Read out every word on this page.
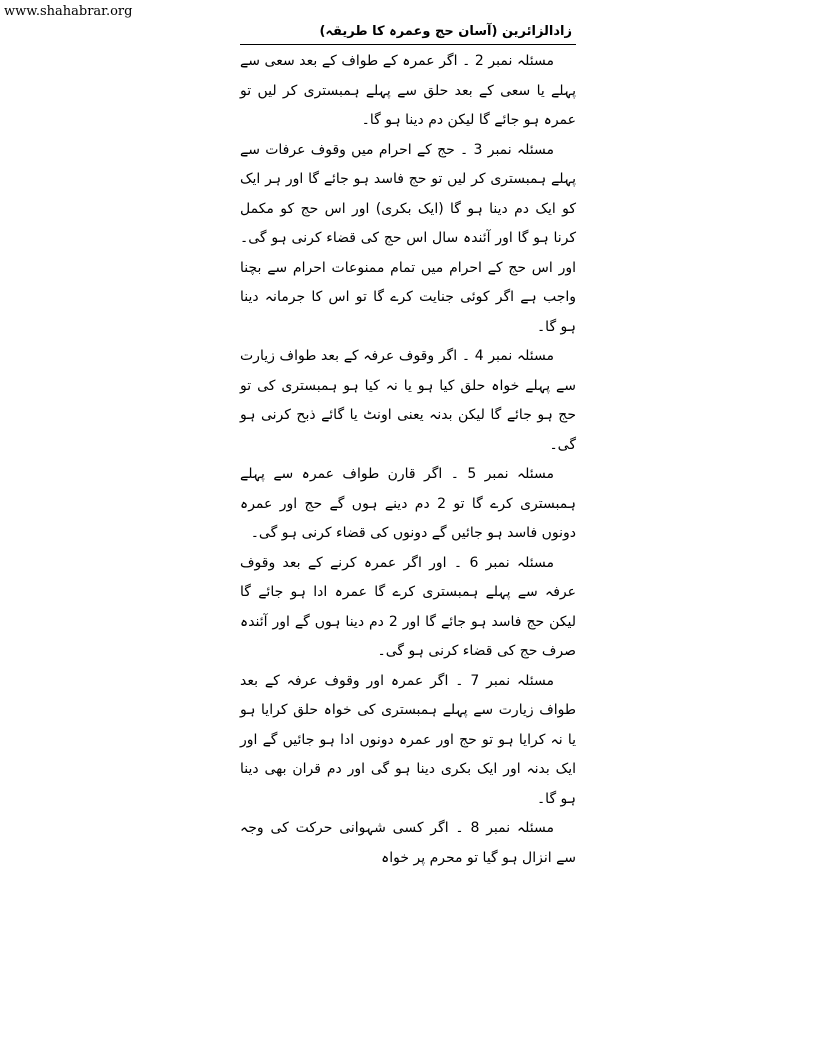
www.shahabrar.org
زادالزائرین (آسان حج وعمرہ کا طریقہ)

مسئلہ نمبر 2 ۔ اگر عمرہ کے طواف کے بعد سعی سے پہلے یا سعی کے بعد حلق سے پہلے ہمبستری کر لیں تو عمرہ ہو جائے گا لیکن دم دینا ہو گا۔

مسئلہ نمبر 3 ۔ حج کے احرام میں وقوف عرفات سے پہلے ہمبستری کر لیں تو حج فاسد ہو جائے گا اور ہر ایک کو ایک دم دینا ہو گا (ایک بکری) اور اس حج کو مکمل کرنا ہو گا اور آئندہ سال اس حج کی قضاء کرنی ہو گی۔ اور اس حج کے احرام میں تمام ممنوعات احرام سے بچنا واجب ہے اگر کوئی جنایت کرے گا تو اس کا جرمانہ دینا ہو گا۔

مسئلہ نمبر 4 ۔ اگر وقوف عرفہ کے بعد طواف زیارت سے پہلے خواہ حلق کیا ہو یا نہ کیا ہو ہمبستری کی تو حج ہو جائے گا لیکن بدنہ یعنی اونٹ یا گائے ذبح کرنی ہو گی۔

مسئلہ نمبر 5 ۔ اگر قارن طواف عمرہ سے پہلے ہمبستری کرے گا تو 2 دم دینے ہوں گے حج اور عمرہ دونوں فاسد ہو جائیں گے دونوں کی قضاء کرنی ہو گی۔

مسئلہ نمبر 6 ۔ اور اگر عمرہ کرنے کے بعد وقوف عرفہ سے پہلے ہمبستری کرے گا عمرہ ادا ہو جائے گا لیکن حج فاسد ہو جائے گا اور 2 دم دینا ہوں گے اور آئندہ صرف حج کی قضاء کرنی ہو گی۔

مسئلہ نمبر 7 ۔ اگر عمرہ اور وقوف عرفہ کے بعد طواف زیارت سے پہلے ہمبستری کی خواہ حلق کرایا ہو یا نہ کرایا ہو تو حج اور عمرہ دونوں ادا ہو جائیں گے اور ایک بدنہ اور ایک بکری دینا ہو گی اور دم قران بھی دینا ہو گا۔

مسئلہ نمبر 8 ۔ اگر کسی شہوانی حرکت کی وجہ سے انزال ہو گیا تو محرم پر خواہ
